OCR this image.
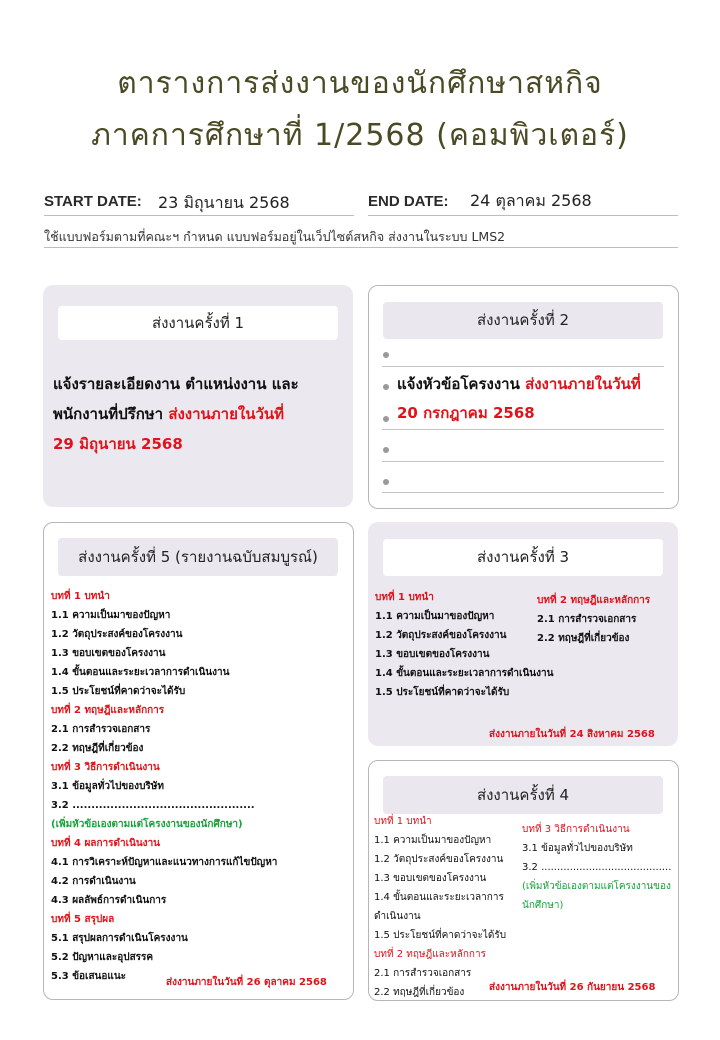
ตารางการส่งงานของนักศึกษาสหกิจ
ภาคการศึกษาที่ 1/2568 (คอมพิวเตอร์)
START DATE: 23 มิถุนายน 2568	END DATE: 24 ตุลาคม 2568
ใช้แบบฟอร์มตามที่คณะฯ กำหนด แบบฟอร์มอยู่ในเว็ปไซต์สหกิจ ส่งงานในระบบ LMS2
ส่งงานครั้งที่ 1
แจ้งรายละเอียดงาน ตำแหน่งงาน และ
พนักงานที่ปรึกษา ส่งงานภายในวันที่
29 มิถุนายน 2568
ส่งงานครั้งที่ 2
แจ้งหัวข้อโครงงาน ส่งงานภายในวันที่
20 กรกฎาคม 2568
ส่งงานครั้งที่ 5 (รายงานฉบับสมบูรณ์)
บทที่ 1 บทนำ
1.1 ความเป็นมาของปัญหา
1.2 วัตถุประสงค์ของโครงงาน
1.3 ขอบเขตของโครงงาน
1.4 ขั้นตอนและระยะเวลาการดำเนินงาน
1.5 ประโยชน์ที่คาดว่าจะได้รับ
บทที่ 2 ทฤษฎีและหลักการ
2.1 การสำรวจเอกสาร
2.2 ทฤษฎีที่เกี่ยวข้อง
บทที่ 3 วิธีการดำเนินงาน
3.1 ข้อมูลทั่วไปของบริษัท
3.2 ................................................
(เพิ่มหัวข้อเองตามแต่โครงงานของนักศึกษา)
บทที่ 4 ผลการดำเนินงาน
4.1 การวิเคราะห์ปัญหาและแนวทางการแก้ไขปัญหา
4.2 การดำเนินงาน
4.3 ผลลัพธ์การดำเนินการ
บทที่ 5 สรุปผล
5.1 สรุปผลการดำเนินโครงงาน
5.2 ปัญหาและอุปสรรค
5.3 ข้อเสนอแนะ
ส่งงานภายในวันที่ 26 ตุลาคม 2568
ส่งงานครั้งที่ 3
บทที่ 1 บทนำ
1.1 ความเป็นมาของปัญหา
1.2 วัตถุประสงค์ของโครงงาน
1.3 ขอบเขตของโครงงาน
1.4 ขั้นตอนและระยะเวลาการดำเนินงาน
1.5 ประโยชน์ที่คาดว่าจะได้รับ
บทที่ 2 ทฤษฎีและหลักการ
2.1 การสำรวจเอกสาร
2.2 ทฤษฎีที่เกี่ยวข้อง
ส่งงานภายในวันที่ 24 สิงหาคม 2568
ส่งงานครั้งที่ 4
บทที่ 1 บทนำ
1.1 ความเป็นมาของปัญหา
1.2 วัตถุประสงค์ของโครงงาน
1.3 ขอบเขตของโครงงาน
1.4 ขั้นตอนและระยะเวลาการ
ดำเนินงาน
1.5 ประโยชน์ที่คาดว่าจะได้รับ
บทที่ 2 ทฤษฎีและหลักการ
2.1 การสำรวจเอกสาร
2.2 ทฤษฎีที่เกี่ยวข้อง
บทที่ 3 วิธีการดำเนินงาน
3.1 ข้อมูลทั่วไปของบริษัท
3.2 .........................................
(เพิ่มหัวข้อเองตามแต่โครงงานของ
นักศึกษา)
ส่งงานภายในวันที่ 26 กันยายน 2568
